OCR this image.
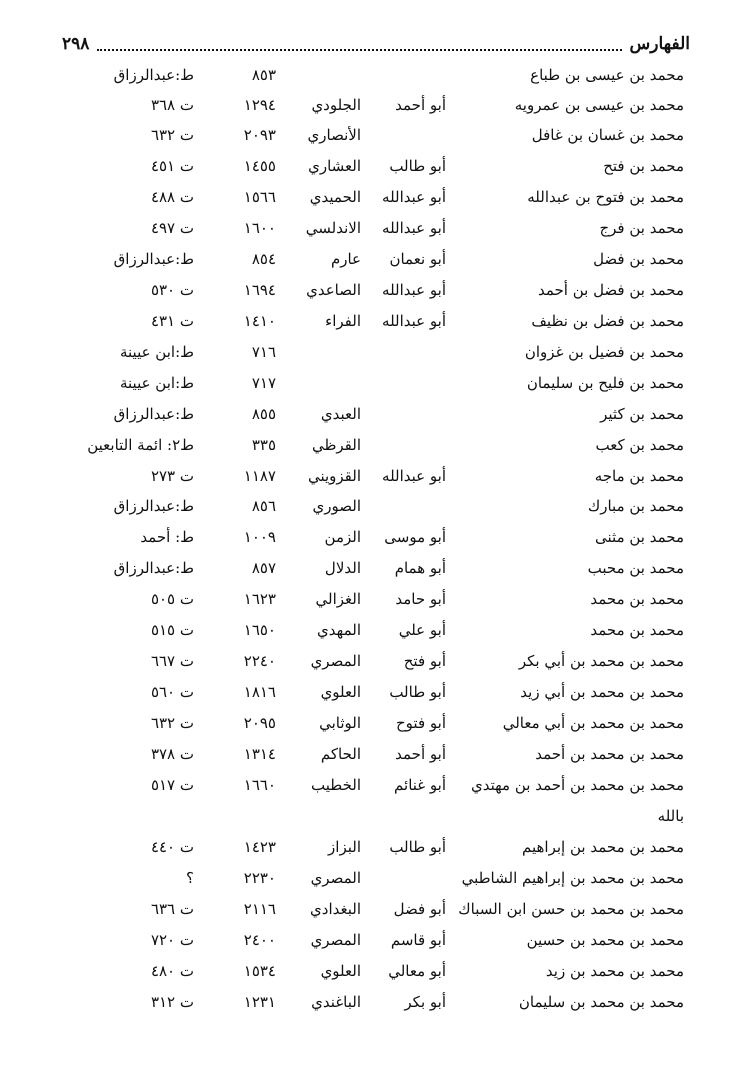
٢٩٨	الفهارس
محمد بن عيسى بن طباع
٨٥٣
ط:عبدالرزاق
محمد بن عيسى بن عمرويه
أبو أحمد
الجلودي
١٢٩٤
ت ٣٦٨
محمد بن غسان بن غافل
الأنصاري
٢٠٩٣
ت ٦٣٢
محمد بن فتح
أبو طالب
العشاري
١٤٥٥
ت ٤٥١
محمد بن فتوح بن عبدالله
أبو عبدالله
الحميدي
١٥٦٦
ت ٤٨٨
محمد بن فرج
أبو عبدالله
الاندلسي
١٦٠٠
ت ٤٩٧
محمد بن فضل
أبو نعمان
عارم
٨٥٤
ط:عبدالرزاق
محمد بن فضل بن أحمد
أبو عبدالله
الصاعدي
١٦٩٤
ت ٥٣٠
محمد بن فضل بن نظيف
أبو عبدالله
الفراء
١٤١٠
ت ٤٣١
محمد بن فضيل بن غزوان
٧١٦
ط:ابن عيينة
محمد بن فليح بن سليمان
٧١٧
ط:ابن عيينة
محمد بن كثير
العبدي
٨٥٥
ط:عبدالرزاق
محمد بن كعب
القرظي
٣٣٥
ط٢: ائمة التابعين
محمد بن ماجه
أبو عبدالله
القزويني
١١٨٧
ت ٢٧٣
محمد بن مبارك
الصوري
٨٥٦
ط:عبدالرزاق
محمد بن مثنى
أبو موسى
الزمن
١٠٠٩
ط: أحمد
محمد بن محبب
أبو همام
الدلال
٨٥٧
ط:عبدالرزاق
محمد بن محمد
أبو حامد
الغزالي
١٦٢٣
ت ٥٠٥
محمد بن محمد
أبو علي
المهدي
١٦٥٠
ت ٥١٥
محمد بن محمد بن أبي بكر
أبو فتح
المصري
٢٢٤٠
ت ٦٦٧
محمد بن محمد بن أبي زيد
أبو طالب
العلوي
١٨١٦
ت ٥٦٠
محمد بن محمد بن أبي معالي
أبو فتوح
الوثابي
٢٠٩٥
ت ٦٣٢
محمد بن محمد بن أحمد
أبو أحمد
الحاكم
١٣١٤
ت ٣٧٨
محمد بن محمد بن أحمد بن مهتدي
أبو غنائم
الخطيب
١٦٦٠
ت ٥١٧
محمد بن محمد بن إبراهيم
أبو طالب
البزاز
١٤٢٣
ت ٤٤٠
محمد بن محمد بن إبراهيم الشاطبي
المصري
٢٢٣٠
؟
محمد بن محمد بن حسن ابن السباك
أبو فضل
البغدادي
٢١١٦
ت ٦٣٦
محمد بن محمد بن حسين
أبو قاسم
المصري
٢٤٠٠
ت ٧٢٠
محمد بن محمد بن زيد
أبو معالي
العلوي
١٥٣٤
ت ٤٨٠
محمد بن محمد بن سليمان
أبو بكر
الباغندي
١٢٣١
ت ٣١٢
بالله
